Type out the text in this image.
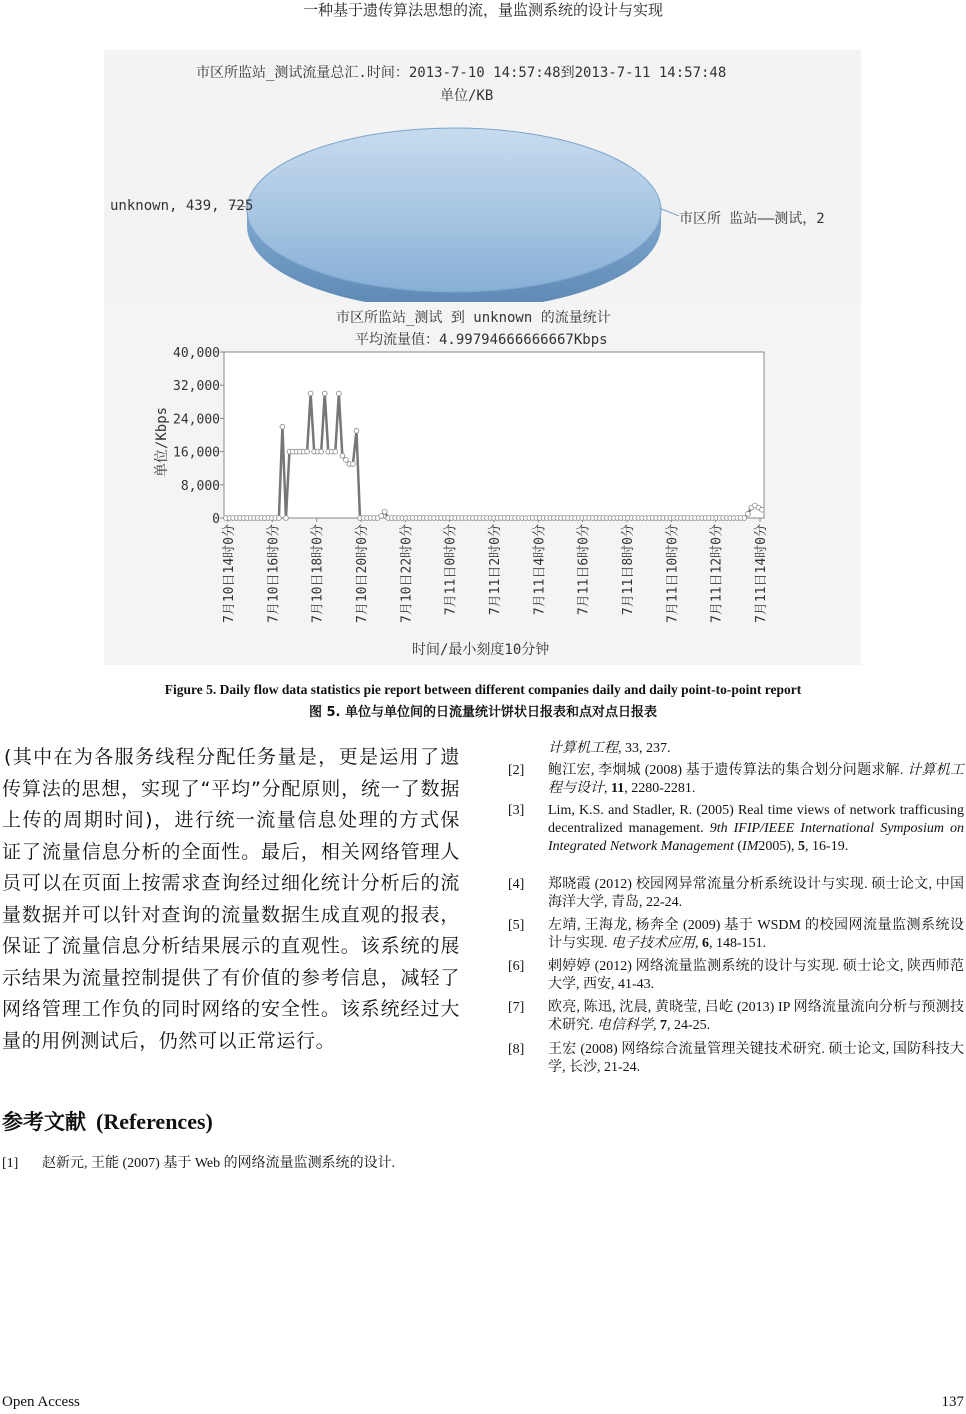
一种基于遗传算法思想的流，量监测系统的设计与实现
市区所监站_测试流量总汇.时间：2013-7-10 14:57:48到2013-7-11 14:57:48
单位/KB
unknown, 439, 725
市区所 监站——测试，2
市区所监站_测试 到 unknown 的流量统计
平均流量值：4.99794666666667Kbps
单位/Kbps
时间/最小刻度10分钟
40,000
32,000
24,000
16,000
8,000
0
7月10日14时0分 7月10日16时0分 7月10日18时0分 7月10日20时0分 7月10日22时0分 7月11日0时0分 7月11日2时0分 7月11日4时0分 7月11日6时0分 7月11日8时0分 7月11日10时0分 7月11日12时0分 7月11日14时0分
Figure 5. Daily flow data statistics pie report between different companies daily and daily point-to-point report
图 5. 单位与单位间的日流量统计饼状日报表和点对点日报表
(其中在为各服务线程分配任务量是，更是运用了遗传算法的思想，实现了“平均”分配原则，统一了数据上传的周期时间)，进行统一流量信息处理的方式保证了流量信息分析的全面性。最后，相关网络管理人员可以在页面上按需求查询经过细化统计分析后的流量数据并可以针对查询的流量数据生成直观的报表，保证了流量信息分析结果展示的直观性。该系统的展示结果为流量控制提供了有价值的参考信息，减轻了网络管理工作负的同时网络的安全性。该系统经过大量的用例测试后，仍然可以正常运行。
参考文献 (References)
[1] 赵新元, 王能 (2007) 基于 Web 的网络流量监测系统的设计.
计算机工程, 33, 237.
[2] 鲍江宏, 李炯城 (2008) 基于遗传算法的集合划分问题求解. 计算机工程与设计, 11, 2280-2281.
[3] Lim, K.S. and Stadler, R. (2005) Real time views of network trafficusing decentralized management. 9th IFIP/IEEE International Symposium on Integrated Network Management (IM2005), 5, 16-19.
[4] 郑晓霞 (2012) 校园网异常流量分析系统设计与实现. 硕士论文, 中国海洋大学, 青岛, 22-24.
[5] 左靖, 王海龙, 杨奔全 (2009) 基于 WSDM 的校园网流量监测系统设计与实现. 电子技术应用, 6, 148-151.
[6] 剌婷婷 (2012) 网络流量监测系统的设计与实现. 硕士论文, 陕西师范大学, 西安, 41-43.
[7] 欧亮, 陈迅, 沈晨, 黄晓莹, 吕屹 (2013) IP 网络流量流向分析与预测技术研究. 电信科学, 7, 24-25.
[8] 王宏 (2008) 网络综合流量管理关键技术研究. 硕士论文, 国防科技大学, 长沙, 21-24.
Open Access	137
